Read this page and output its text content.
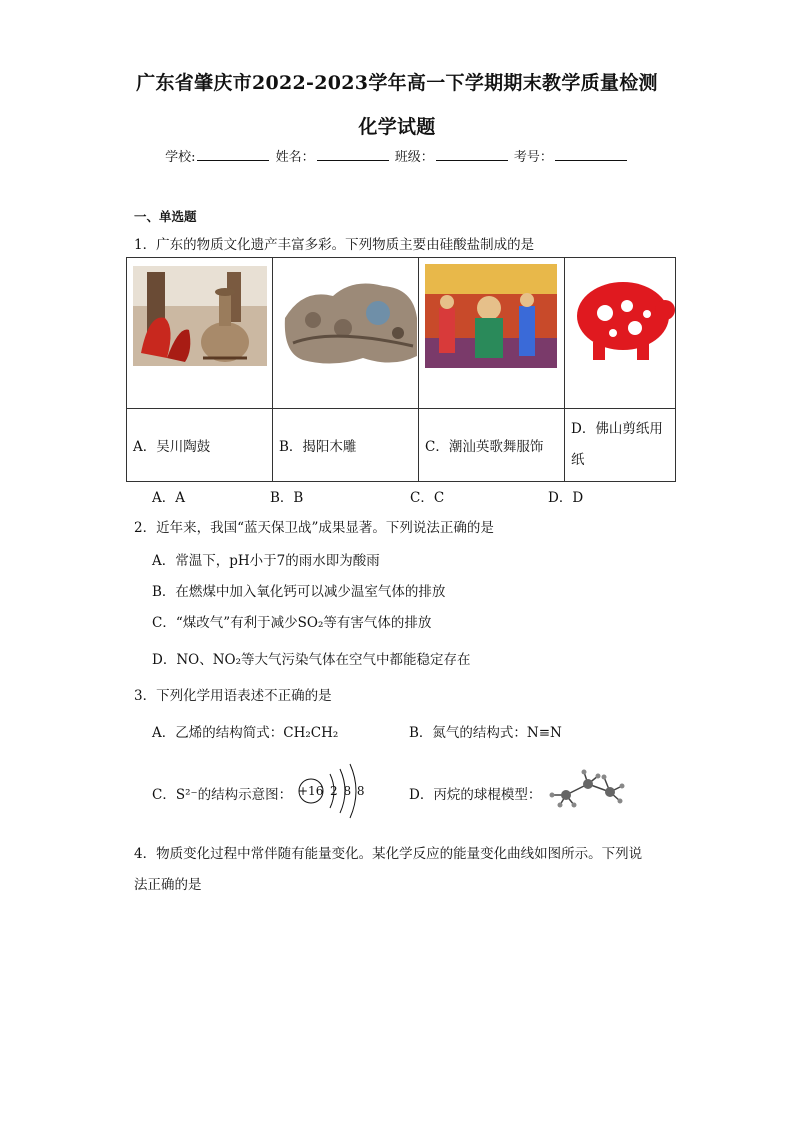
广东省肇庆市2022-2023学年高一下学期期末教学质量检测
化学试题
学校:	姓名：	班级：	考号：
一、单选题
1．广东的物质文化遗产丰富多彩。下列物质主要由硅酸盐制成的是

A．吴川陶鼓	B．揭阳木雕	C．潮汕英歌舞服饰	D．佛山剪纸用纸
A．A	B．B	C．C	D．D
2．近年来，我国“蓝天保卫战”成果显著。下列说法正确的是
A．常温下，pH小于7的雨水即为酸雨
B．在燃煤中加入氧化钙可以减少温室气体的排放
C．“煤改气”有利于减少SO₂等有害气体的排放
D．NO、NO₂等大气污染气体在空气中都能稳定存在
3．下列化学用语表述不正确的是
A．乙烯的结构简式：CH₂CH₂	B．氮气的结构式：N≡N
C．S²⁻的结构示意图： +16 2 8 8	D．丙烷的球棍模型：
4．物质变化过程中常伴随有能量变化。某化学反应的能量变化曲线如图所示。下列说
法正确的是
